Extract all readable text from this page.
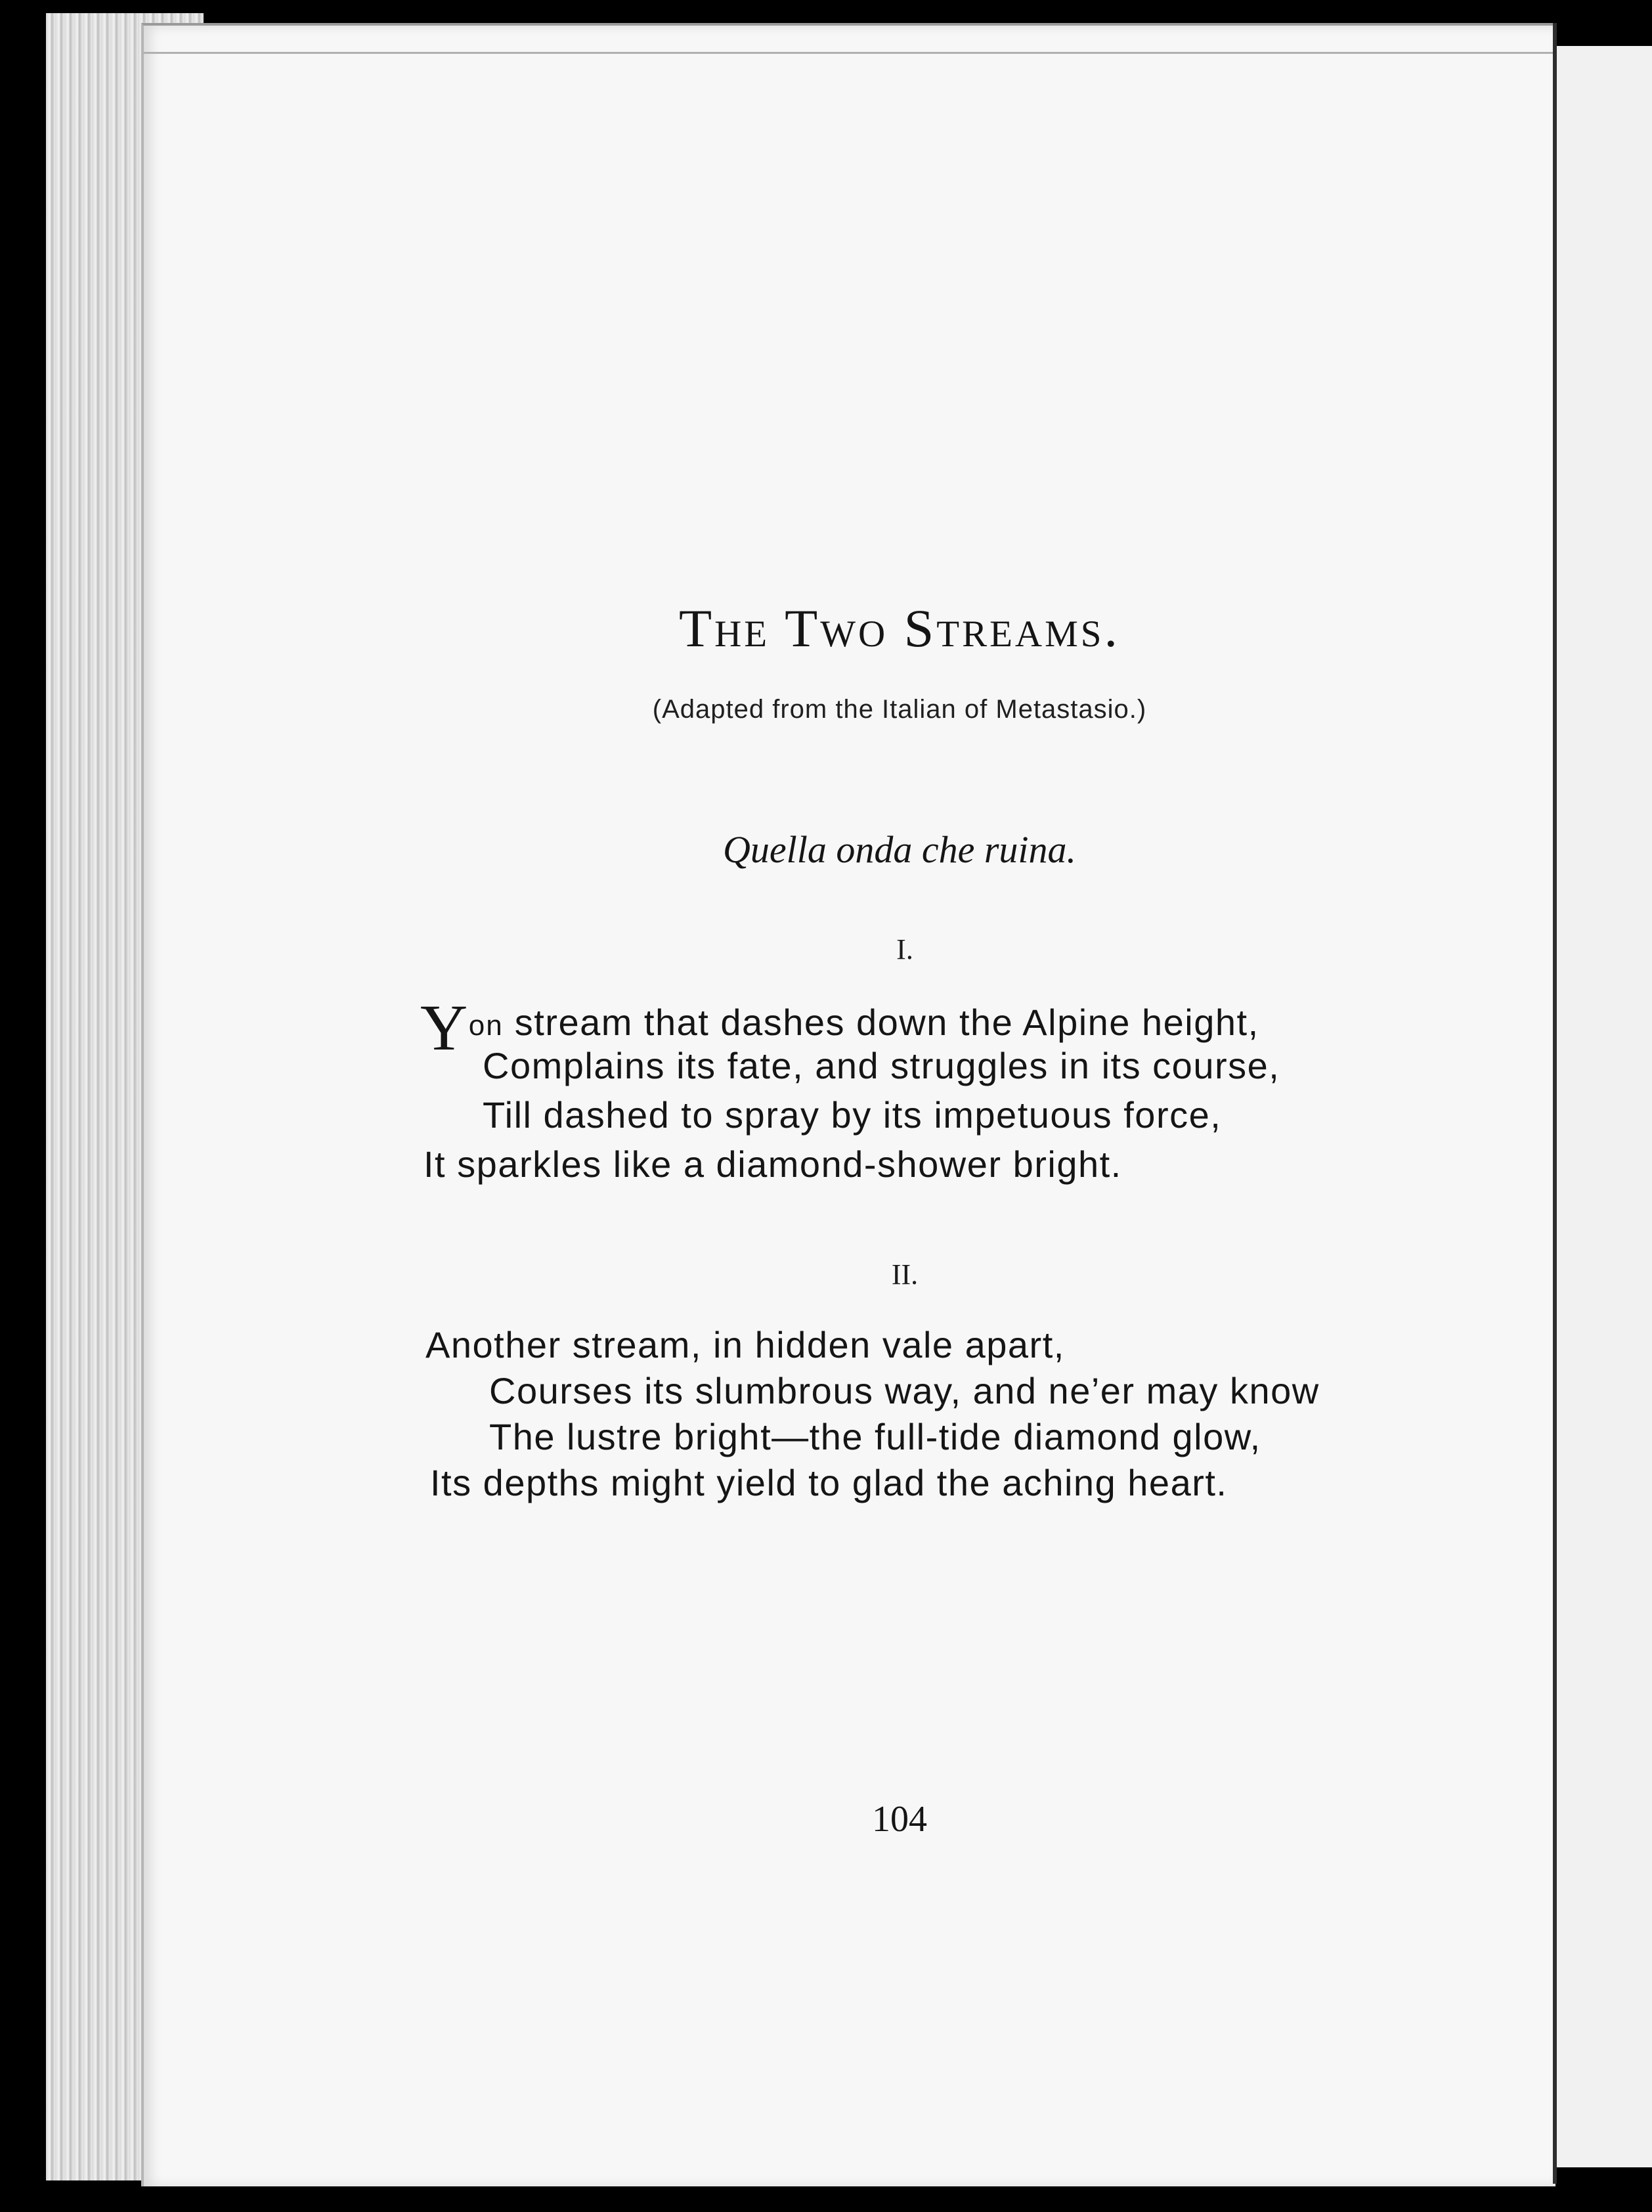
The Two Streams.
(Adapted from the Italian of Metastasio.)
Quella onda che ruina.
I.
Yon stream that dashes down the Alpine height,
Complains its fate, and struggles in its course,
Till dashed to spray by its impetuous force,
It sparkles like a diamond-shower bright.
II.
Another stream, in hidden vale apart,
Courses its slumbrous way, and ne’er may know
The lustre bright—the full-tide diamond glow,
Its depths might yield to glad the aching heart.
104
